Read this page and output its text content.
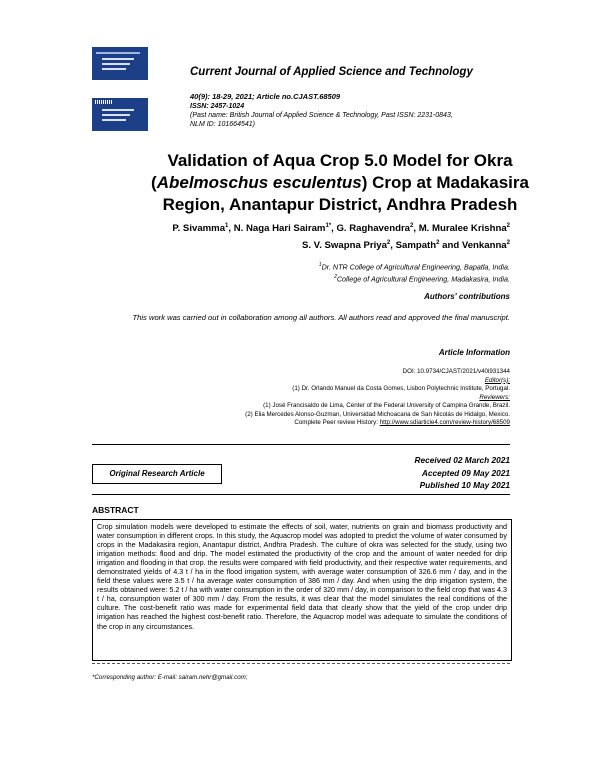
Current Journal of Applied Science and Technology
40(9): 18-29, 2021; Article no.CJAST.68509
ISSN: 2457-1024
(Past name: British Journal of Applied Science & Technology, Past ISSN: 2231-0843,
NLM ID: 101664541)
Validation of Aqua Crop 5.0 Model for Okra
(Abelmoschus esculentus) Crop at Madakasira
Region, Anantapur District, Andhra Pradesh
P. Sivamma$^1$, N. Naga Hari Sairam$^{1*}$, G. Raghavendra$^2$, M. Muralee Krishna$^2$
S. V. Swapna Priya$^2$, Sampath$^2$ and Venkanna$^2$
$^1$Dr. NTR College of Agricultural Engineering, Bapatla, India.
$^2$College of Agricultural Engineering, Madakasira, India.
Authors' contributions
This work was carried out in collaboration among all authors. All authors read and approved the final manuscript.
Article Information
DOI: 10.9734/CJAST/2021/v40i931344
Editor(s):
(1) Dr. Orlando Manuel da Costa Gomes, Lisbon Polytechnic Institute, Portugal.
Reviewers:
(1) José Francisaldo de Lima, Center of the Federal University of Campina Grande, Brazil.
(2) Elia Mercedes Alonso-Guzman, Universidad Michoacana de San Nicolás de Hidalgo, Mexico.
Complete Peer review History: http://www.sdiarticle4.com/review-history/68509
Original Research Article
Received 02 March 2021
Accepted 09 May 2021
Published 10 May 2021
ABSTRACT

Crop simulation models were developed to estimate the effects of soil, water, nutrients on grain and biomass productivity and water consumption in different crops. In this study, the Aquacrop model was adopted to predict the volume of water consumed by crops in the Madakasira region, Anantapur district, Andhra Pradesh. The culture of okra was selected for the study, using two irrigation methods: flood and drip. The model estimated the productivity of the crop and the amount of water needed for drip irrigation and flooding in that crop. the results were compared with field productivity, and their respective water requirements, and demonstrated yields of 4.3 t / ha in the flood irrigation system, with average water consumption of 326.6 mm / day, and in the field these values were 3.5 t / ha average water consumption of 386 mm / day. And when using the drip irrigation system, the results obtained were: 5.2 t / ha with water consumption in the order of 320 mm / day, in comparison to the field crop that was 4.3 t / ha, consumption water of 300 mm / day. From the results, it was clear that the model simulates the real conditions of the culture. The cost-benefit ratio was made for experimental field data that clearly show that the yield of the crop under drip irrigation has reached the highest cost-benefit ratio. Therefore, the Aquacrop model was adequate to simulate the conditions of the crop in any circumstances.

*Corresponding author: E-mail: sairam.nehr@gmail.com;
